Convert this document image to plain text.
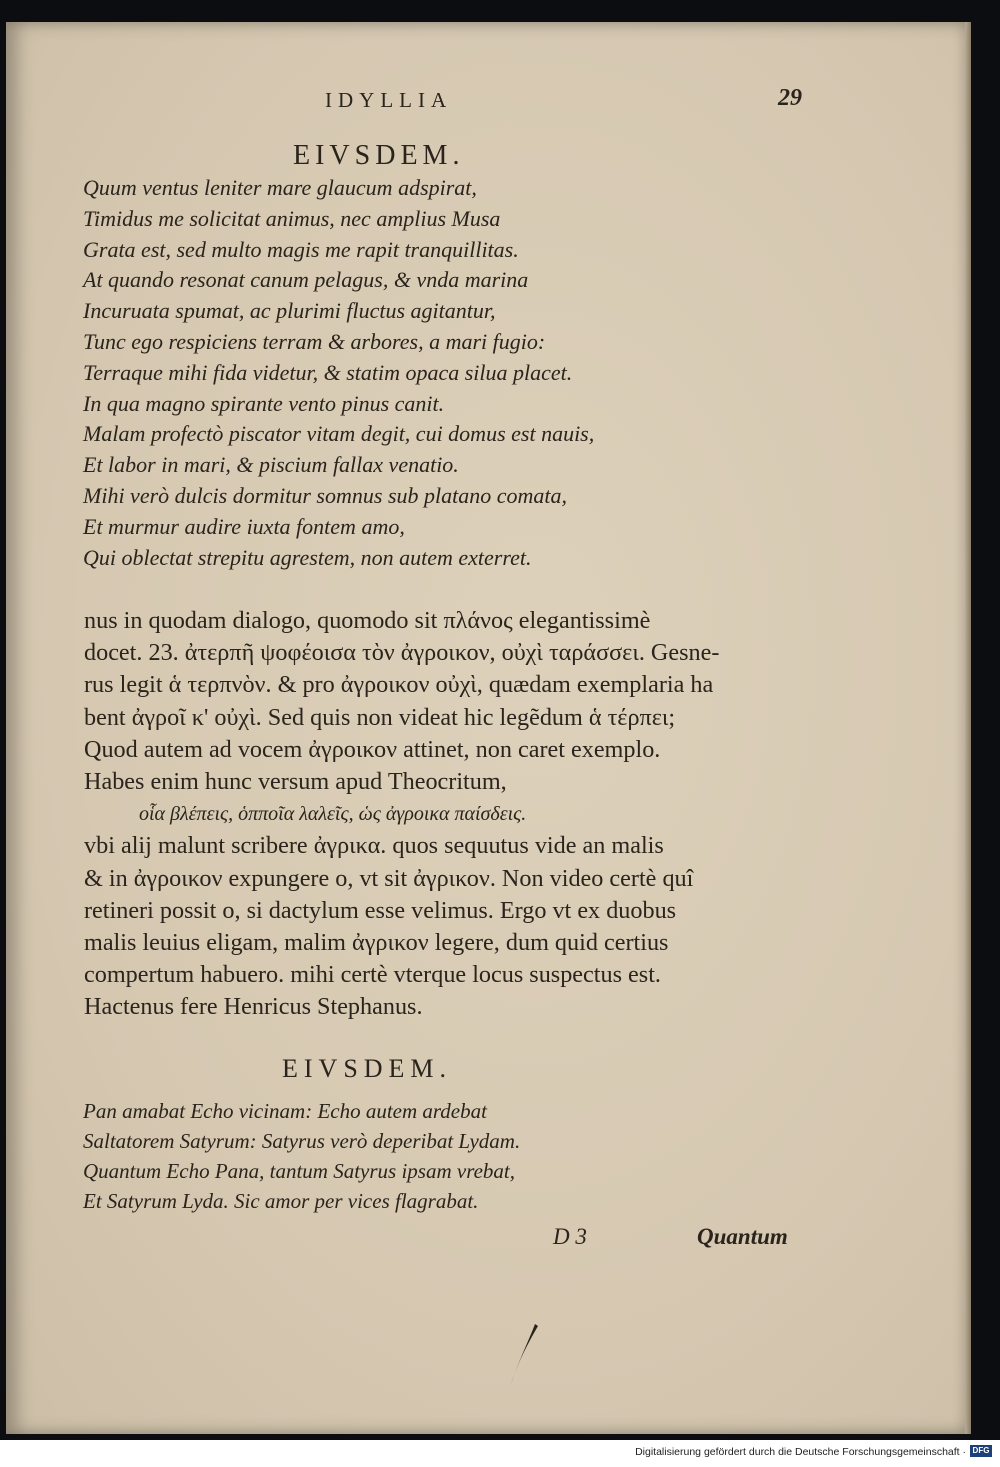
IDYLLIA	29
EIVSDEM.
Quum ventus leniter mare glaucum adspirat,
Timidus me solicitat animus, nec amplius Musa
Grata est, sed multo magis me rapit tranquillitas.
At quando resonat canum pelagus, & vnda marina
Incuruata spumat, ac plurimi fluctus agitantur,
Tunc ego respiciens terram & arbores, a mari fugio:
Terraque mihi fida videtur, & statim opaca silua placet.
In qua magno spirante vento pinus canit.
Malam profectò piscator vitam degit, cui domus est nauis,
Et labor in mari, & piscium fallax venatio.
Mihi verò dulcis dormitur somnus sub platano comata,
Et murmur audire iuxta fontem amo,
Qui oblectat strepitu agrestem, non autem exterret.
nus in quodam dialogo, quomodo sit πλάνος elegantissimè
docet. 23. ἀτερπῆ ψοφέοισα τὸν ἀγροικον, οὐχὶ ταράσσει. Gesne-
rus legit ἁ τερπνὸν. & pro ἀγροικον οὐχὶ, quædam exemplaria ha
bent ἀγροῖ κ' οὐχὶ. Sed quis non videat hic legẽdum ἁ τέρπει;
Quod autem ad vocem ἀγροικον attinet, non caret exemplo.
Habes enim hunc versum apud Theocritum,
οἷα βλέπεις, ὁπποῖα λαλεῖς, ὡς ἀγροικα παίσδεις.
vbi alij malunt scribere ἀγρικα. quos sequutus vide an malis
& in ἀγροικον expungere ο, vt sit ἀγρικον. Non video certè quî
retineri possit ο, si dactylum esse velimus. Ergo vt ex duobus
malis leuius eligam, malim ἀγρικον legere, dum quid certius
compertum habuero. mihi certè vterque locus suspectus est.
Hactenus fere Henricus Stephanus.
EIVSDEM.
Pan amabat Echo vicinam: Echo autem ardebat
Saltatorem Satyrum: Satyrus verò deperibat Lydam.
Quantum Echo Pana, tantum Satyrus ipsam vrebat,
Et Satyrum Lyda. Sic amor per vices flagrabat.
D 3	Quantum
Digitalisierung gefördert durch die Deutsche Forschungsgemeinschaft · DFG
